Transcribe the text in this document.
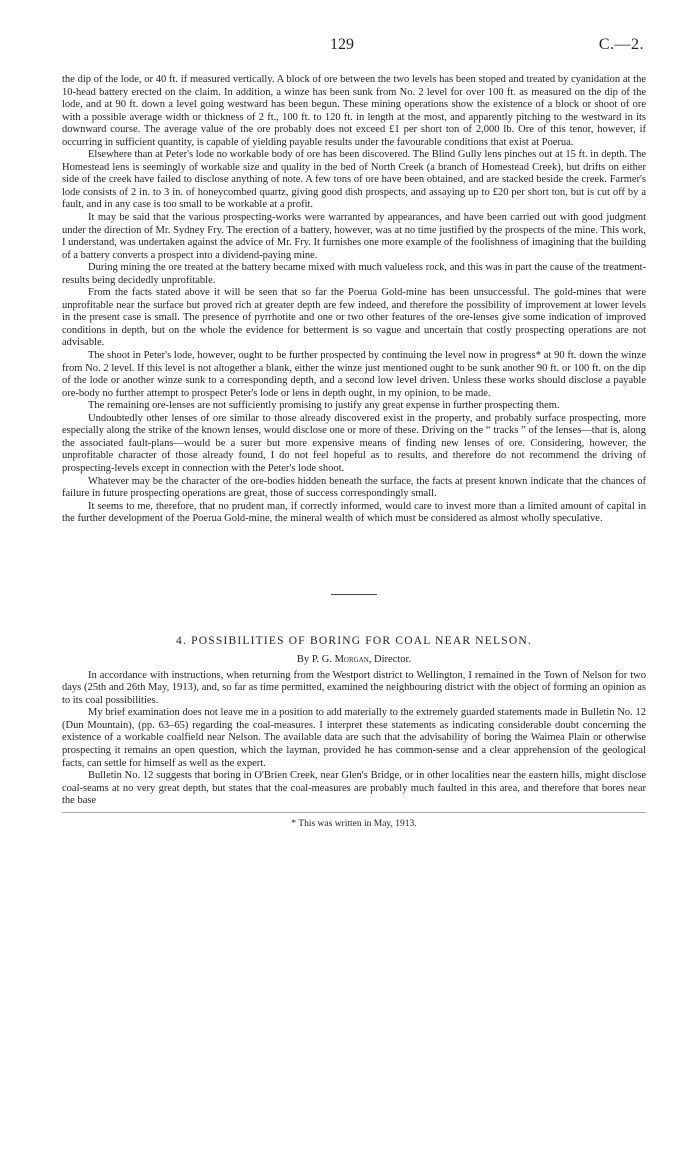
129	C.—2.

the dip of the lode, or 40 ft. if measured vertically. A block of ore between the two levels has been stoped and treated by cyanidation at the 10-head battery erected on the claim. In addition, a winze has been sunk from No. 2 level for over 100 ft. as measured on the dip of the lode, and at 90 ft. down a level going westward has been begun. These mining operations show the existence of a block or shoot of ore with a possible average width or thickness of 2 ft., 100 ft. to 120 ft. in length at the most, and apparently pitching to the westward in its downward course. The average value of the ore probably does not exceed £1 per short ton of 2,000 lb. Ore of this tenor, however, if occurring in sufficient quantity, is capable of yielding payable results under the favourable conditions that exist at Poerua.

Elsewhere than at Peter's lode no workable body of ore has been discovered. The Blind Gully lens pinches out at 15 ft. in depth. The Homestead lens is seemingly of workable size and quality in the bed of North Creek (a branch of Homestead Creek), but drifts on either side of the creek have failed to disclose anything of note. A few tons of ore have been obtained, and are stacked beside the creek. Farmer's lode consists of 2 in. to 3 in. of honeycombed quartz, giving good dish prospects, and assaying up to £20 per short ton, but is cut off by a fault, and in any case is too small to be workable at a profit.

It may be said that the various prospecting-works were warranted by appearances, and have been carried out with good judgment under the direction of Mr. Sydney Fry. The erection of a battery, however, was at no time justified by the prospects of the mine. This work, I understand, was undertaken against the advice of Mr. Fry. It furnishes one more example of the foolishness of imagining that the building of a battery converts a prospect into a dividend-paying mine.

During mining the ore treated at the battery became mixed with much valueless rock, and this was in part the cause of the treatment-results being decidedly unprofitable.

From the facts stated above it will be seen that so far the Poerua Gold-mine has been unsuccessful. The gold-mines that were unprofitable near the surface but proved rich at greater depth are few indeed, and therefore the possibility of improvement at lower levels in the present case is small. The presence of pyrrhotite and one or two other features of the ore-lenses give some indication of improved conditions in depth, but on the whole the evidence for betterment is so vague and uncertain that costly prospecting operations are not advisable.

The shoot in Peter's lode, however, ought to be further prospected by continuing the level now in progress* at 90 ft. down the winze from No. 2 level. If this level is not altogether a blank, either the winze just mentioned ought to be sunk another 90 ft. or 100 ft. on the dip of the lode or another winze sunk to a corresponding depth, and a second low level driven. Unless these works should disclose a payable ore-body no further attempt to prospect Peter's lode or lens in depth ought, in my opinion, to be made.

The remaining ore-lenses are not sufficiently promising to justify any great expense in further prospecting them.

Undoubtedly other lenses of ore similar to those already discovered exist in the property, and probably surface prospecting, more especially along the strike of the known lenses, would disclose one or more of these. Driving on the “ tracks ” of the lenses—that is, along the associated fault-plans—would be a surer but more expensive means of finding new lenses of ore. Considering, however, the unprofitable character of those already found, I do not feel hopeful as to results, and therefore do not recommend the driving of prospecting-levels except in connection with the Peter's lode shoot.

Whatever may be the character of the ore-bodies hidden beneath the surface, the facts at present known indicate that the chances of failure in future prospecting operations are great, those of success correspondingly small.

It seems to me, therefore, that no prudent man, if correctly informed, would care to invest more than a limited amount of capital in the further development of the Poerua Gold-mine, the mineral wealth of which must be considered as almost wholly speculative.

4. POSSIBILITIES OF BORING FOR COAL NEAR NELSON.
By P. G. Morgan, Director.

In accordance with instructions, when returning from the Westport district to Wellington, I remained in the Town of Nelson for two days (25th and 26th May, 1913), and, so far as time permitted, examined the neighbouring district with the object of forming an opinion as to its coal possibilities.

My brief examination does not leave me in a position to add materially to the extremely guarded statements made in Bulletin No. 12 (Dun Mountain), (pp. 63–65) regarding the coal-measures. I interpret these statements as indicating considerable doubt concerning the existence of a workable coalfield near Nelson. The available data are such that the advisability of boring the Waimea Plain or otherwise prospecting it remains an open question, which the layman, provided he has common-sense and a clear apprehension of the geological facts, can settle for himself as well as the expert.

Bulletin No. 12 suggests that boring in O'Brien Creek, near Glen's Bridge, or in other localities near the eastern hills, might disclose coal-seams at no very great depth, but states that the coal-measures are probably much faulted in this area, and therefore that bores near the base

* This was written in May, 1913.
